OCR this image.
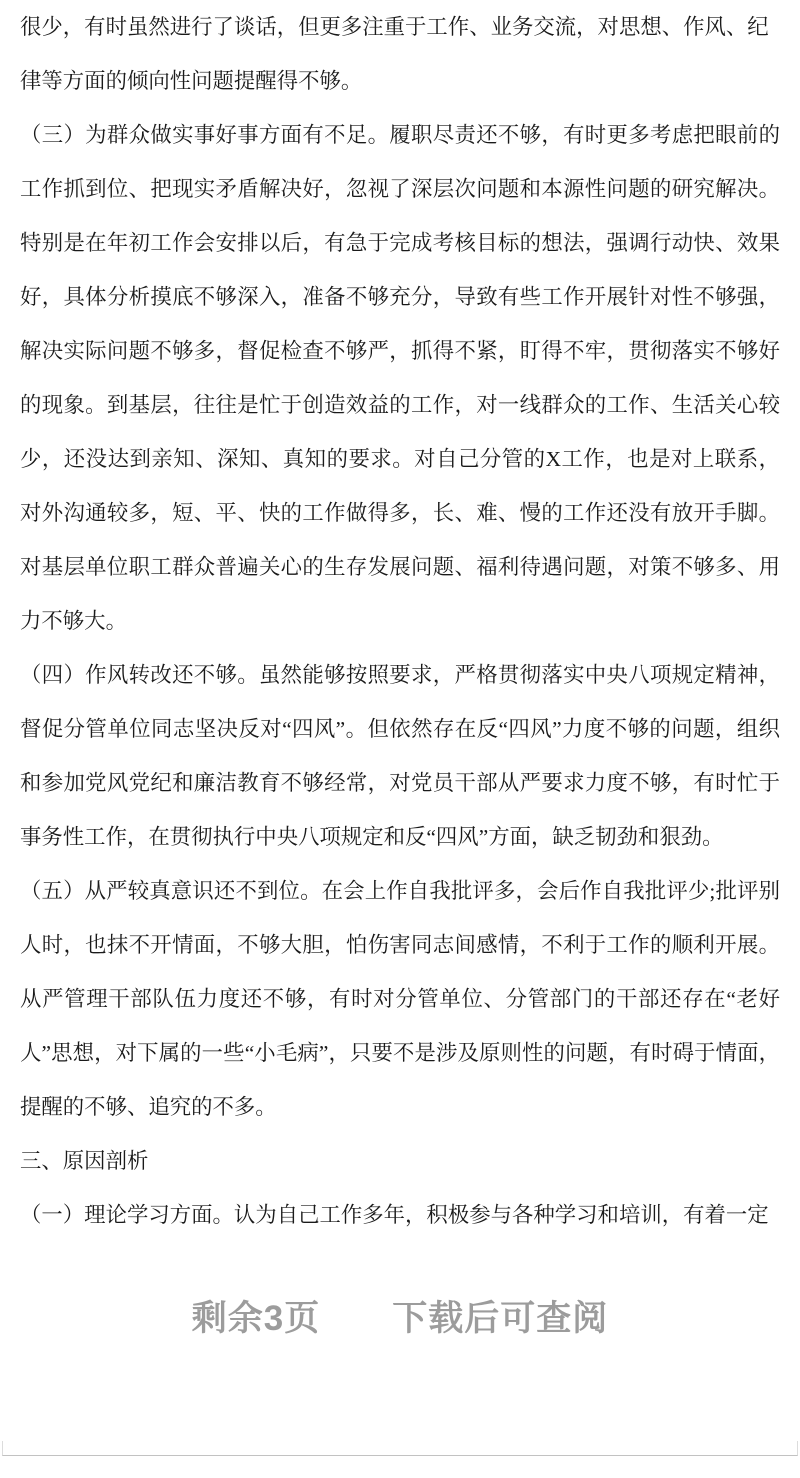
很少，有时虽然进行了谈话，但更多注重于工作、业务交流，对思想、作风、纪

律等方面的倾向性问题提醒得不够。

（三）为群众做实事好事方面有不足。履职尽责还不够，有时更多考虑把眼前的工作抓到位、把现实矛盾解决好，忽视了深层次问题和本源性问题的研究解决。特别是在年初工作会安排以后，有急于完成考核目标的想法，强调行动快、效果好，具体分析摸底不够深入，准备不够充分，导致有些工作开展针对性不够强，解决实际问题不够多，督促检查不够严，抓得不紧，盯得不牢，贯彻落实不够好的现象。到基层，往往是忙于创造效益的工作，对一线群众的工作、生活关心较少，还没达到亲知、深知、真知的要求。对自己分管的X工作，也是对上联系，对外沟通较多，短、平、快的工作做得多，长、难、慢的工作还没有放开手脚。对基层单位职工群众普遍关心的生存发展问题、福利待遇问题，对策不够多、用力不够大。

（四）作风转改还不够。虽然能够按照要求，严格贯彻落实中央八项规定精神，督促分管单位同志坚决反对“四风”。但依然存在反“四风”力度不够的问题，组织和参加党风党纪和廉洁教育不够经常，对党员干部从严要求力度不够，有时忙于事务性工作，在贯彻执行中央八项规定和反“四风”方面，缺乏韧劲和狠劲。

（五）从严较真意识还不到位。在会上作自我批评多，会后作自我批评少;批评别人时，也抹不开情面，不够大胆，怕伤害同志间感情，不利于工作的顺利开展。从严管理干部队伍力度还不够，有时对分管单位、分管部门的干部还存在“老好人”思想，对下属的一些“小毛病”，只要不是涉及原则性的问题，有时碍于情面，提醒的不够、追究的不多。

三、原因剖析

（一）理论学习方面。认为自己工作多年，积极参与各种学习和培训，有着一定

剩余3页　　下载后可查阅
